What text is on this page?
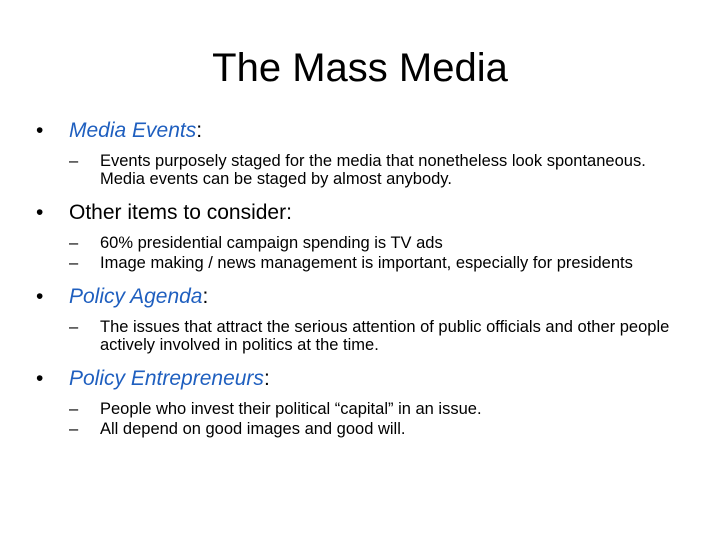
The Mass Media
•	Media Events:
–	Events purposely staged for the media that nonetheless look spontaneous. Media events can be staged by almost anybody.
•	Other items to consider:
–	60% presidential campaign spending is TV ads
–	Image making / news management is important, especially for presidents
•	Policy Agenda:
–	The issues that attract the serious attention of public officials and other people actively involved in politics at the time.
•	Policy Entrepreneurs:
–	People who invest their political “capital” in an issue.
–	All depend on good images and good will.
